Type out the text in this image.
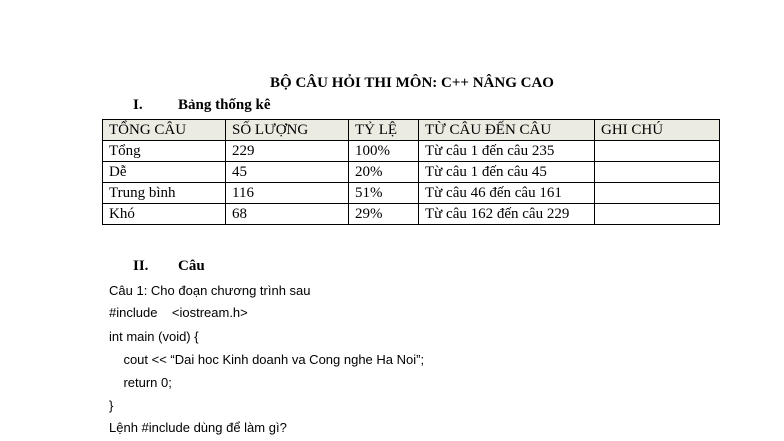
BỘ CÂU HỎI THI MÔN: C++ NÂNG CAO
I. Bảng thống kê
TỔNG CÂU	SỐ LƯỢNG	TỶ LỆ	TỪ CÂU ĐẾN CÂU	GHI CHÚ
Tổng	229	100%	Từ câu 1 đến câu 235	
Dễ	45	20%	Từ câu 1 đến câu 45	
Trung bình	116	51%	Từ câu 46 đến câu 161	
Khó	68	29%	Từ câu 162 đến câu 229	
II. Câu
Câu 1: Cho đoạn chương trình sau
#include    <iostream.h>
int main (void) {
cout << “Dai hoc Kinh doanh va Cong nghe Ha Noi”;
return 0;
}
Lệnh #include dùng để làm gì?
